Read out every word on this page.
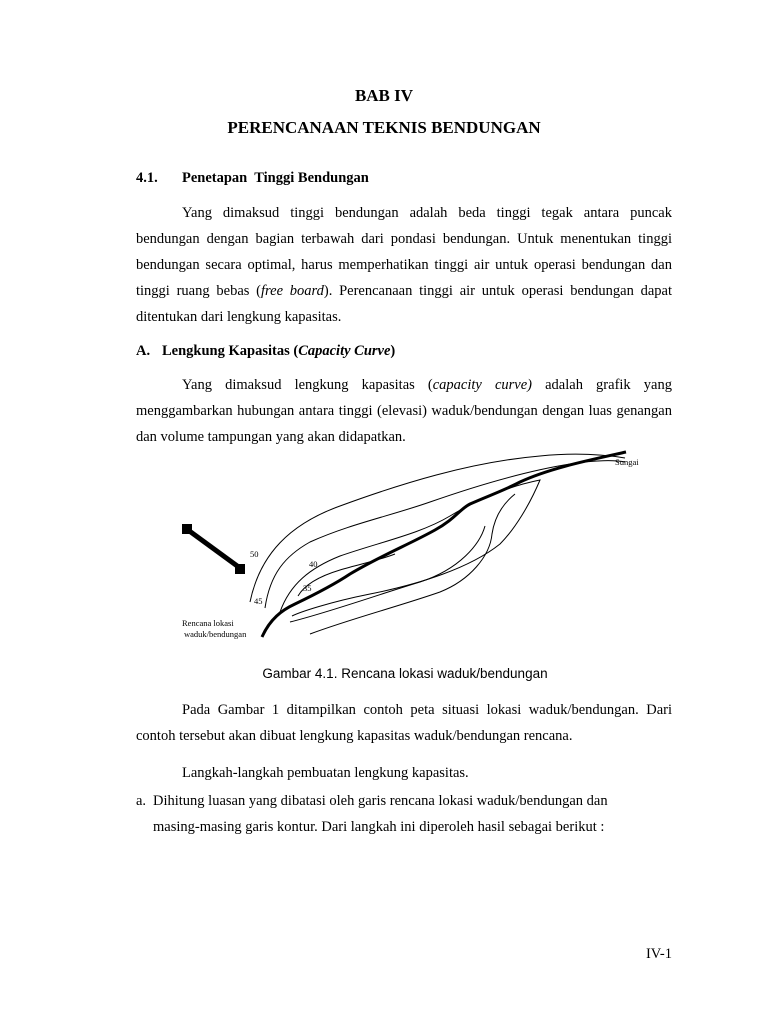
BAB IV
PERENCANAAN TEKNIS BENDUNGAN
4.1. Penetapan  Tinggi Bendungan

Yang dimaksud tinggi bendungan adalah beda tinggi tegak antara puncak bendungan dengan bagian terbawah dari pondasi bendungan. Untuk menentukan tinggi bendungan secara optimal, harus memperhatikan tinggi air untuk operasi bendungan dan tinggi ruang bebas (free board). Perencanaan tinggi air untuk operasi bendungan dapat ditentukan dari lengkung kapasitas.

A. Lengkung Kapasitas (Capacity Curve)

Yang dimaksud lengkung kapasitas (capacity curve) adalah grafik yang menggambarkan hubungan antara tinggi (elevasi) waduk/bendungan dengan luas genangan dan volume tampungan yang akan didapatkan.

Sungai
50
40
35
45
Rencana lokasi
waduk/bendungan
Gambar 4.1. Rencana lokasi waduk/bendungan

Pada Gambar 1 ditampilkan contoh peta situasi lokasi waduk/bendungan. Dari contoh tersebut akan dibuat lengkung kapasitas waduk/bendungan rencana.

Langkah-langkah pembuatan lengkung kapasitas.
a. Dihitung luasan yang dibatasi oleh garis rencana lokasi waduk/bendungan dan
masing-masing garis kontur. Dari langkah ini diperoleh hasil sebagai berikut :
IV-1
